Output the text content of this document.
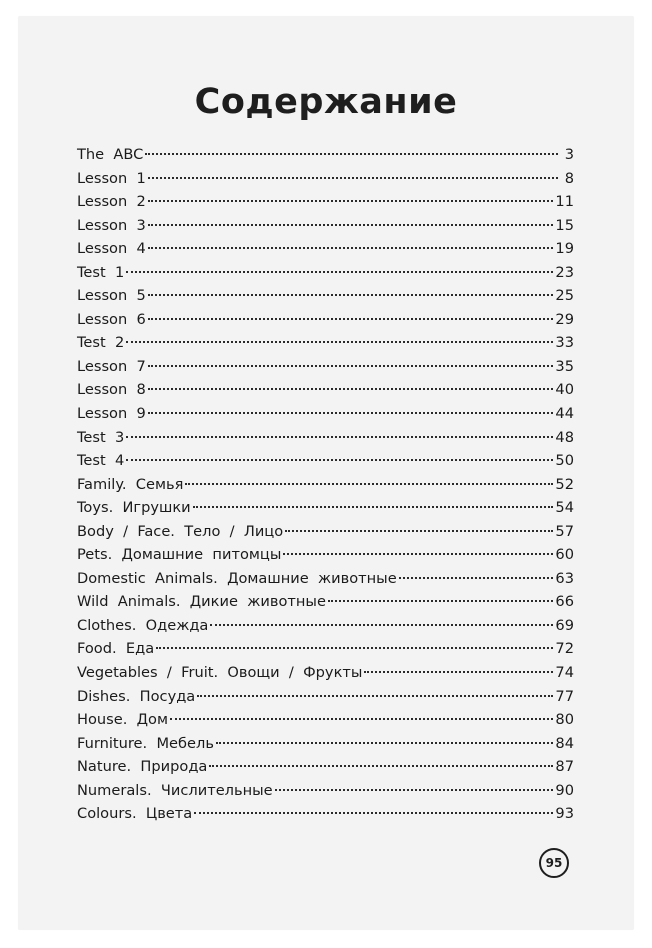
Содержание
The  ABC	3
Lesson  1	8
Lesson  2	11
Lesson  3	15
Lesson  4	19
Test  1	23
Lesson  5	25
Lesson  6	29
Test  2	33
Lesson  7	35
Lesson  8	40
Lesson  9	44
Test  3	48
Test  4	50
Family.  Семья	52
Toys.  Игрушки	54
Body  /  Face.  Тело  /  Лицо	57
Pets.  Домашние  питомцы	60
Domestic  Animals.  Домашние  животные	63
Wild  Animals.  Дикие  животные	66
Clothes.  Одежда	69
Food.  Еда	72
Vegetables  /  Fruit.  Овощи  /  Фрукты	74
Dishes.  Посуда	77
House.  Дом	80
Furniture.  Мебель	84
Nature.  Природа	87
Numerals.  Числительные	90
Colours.  Цвета	93
95
